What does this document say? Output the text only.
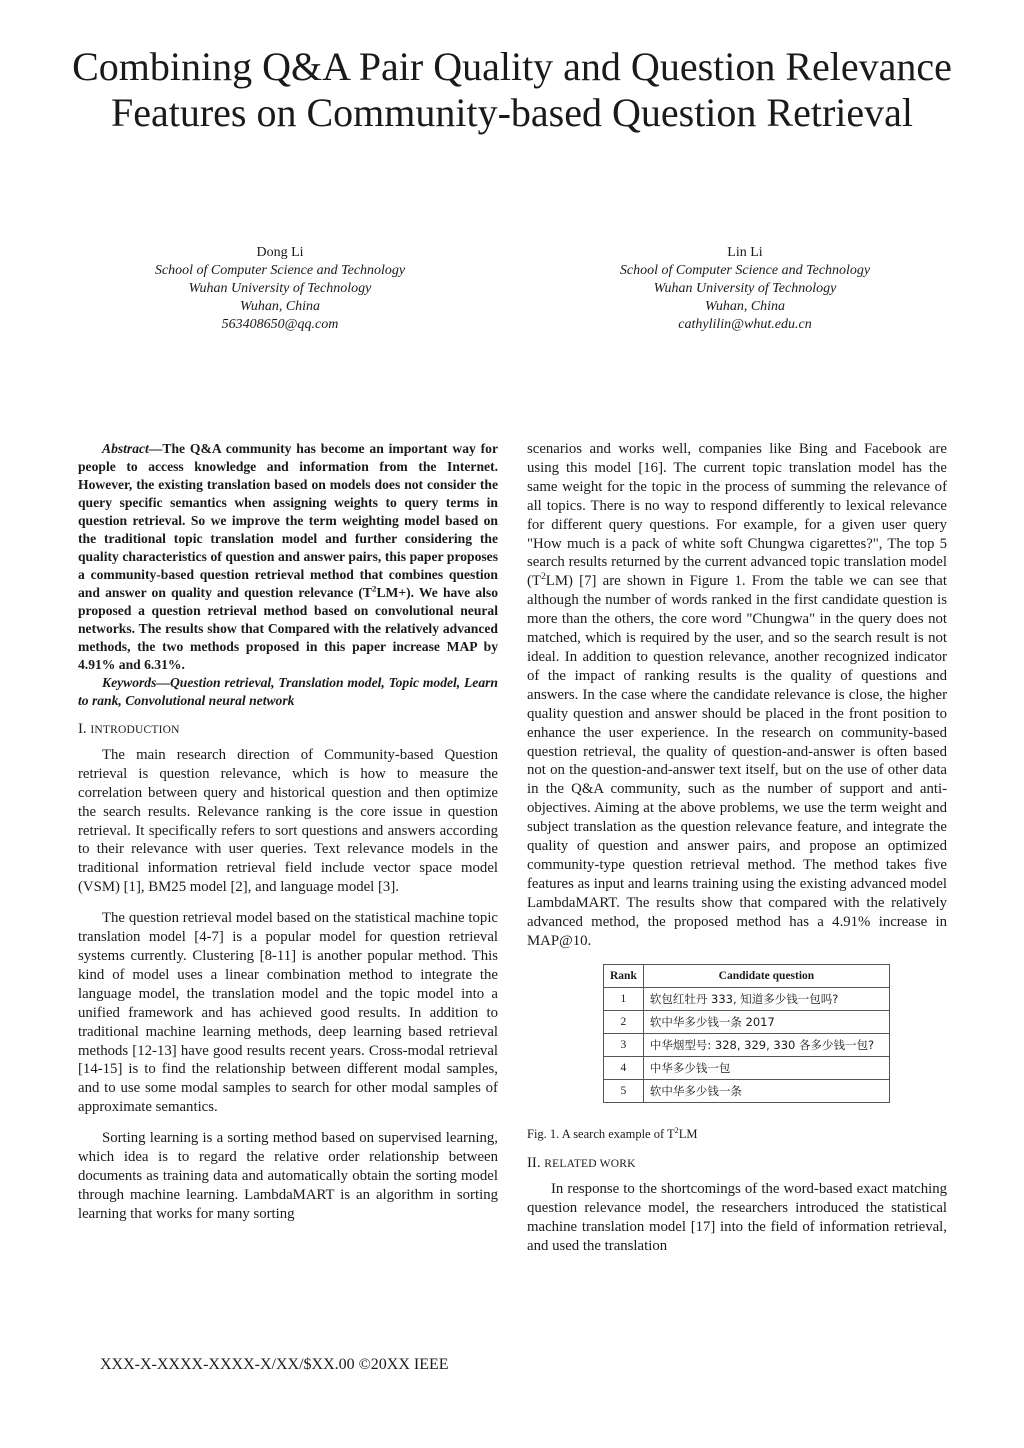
Combining Q&A Pair Quality and Question Relevance Features on Community-based Question Retrieval
Dong Li
School of Computer Science and Technology
Wuhan University of Technology
Wuhan, China
563408650@qq.com
Lin Li
School of Computer Science and Technology
Wuhan University of Technology
Wuhan, China
cathylilin@whut.edu.cn

Abstract—The Q&A community has become an important way for people to access knowledge and information from the Internet. However, the existing translation based on models does not consider the query specific semantics when assigning weights to query terms in question retrieval. So we improve the term weighting model based on the traditional topic translation model and further considering the quality characteristics of question and answer pairs, this paper proposes a community-based question retrieval method that combines question and answer on quality and question relevance $(T^2LM+)$. We have also proposed a question retrieval method based on convolutional neural networks. The results show that Compared with the relatively advanced methods, the two methods proposed in this paper increase MAP by 4.91% and 6.31%.

Keywords—Question retrieval, Translation model, Topic model, Learn to rank, Convolutional neural network

I. INTRODUCTION

The main research direction of Community-based Question retrieval is question relevance, which is how to measure the correlation between query and historical question and then optimize the search results. Relevance ranking is the core issue in question retrieval. It specifically refers to sort questions and answers according to their relevance with user queries. Text relevance models in the traditional information retrieval field include vector space model (VSM) [1], BM25 model [2], and language model [3].

The question retrieval model based on the statistical machine topic translation model [4-7] is a popular model for question retrieval systems currently. Clustering [8-11] is another popular method. This kind of model uses a linear combination method to integrate the language model, the translation model and the topic model into a unified framework and has achieved good results. In addition to traditional machine learning methods, deep learning based retrieval methods [12-13] have good results recent years. Cross-modal retrieval [14-15] is to find the relationship between different modal samples, and to use some modal samples to search for other modal samples of approximate semantics.

Sorting learning is a sorting method based on supervised learning, which idea is to regard the relative order relationship between documents as training data and automatically obtain the sorting model through machine learning. LambdaMART is an algorithm in sorting learning that works for many sorting

scenarios and works well, companies like Bing and Facebook are using this model [16]. The current topic translation model has the same weight for the topic in the process of summing the relevance of all topics. There is no way to respond differently to lexical relevance for different query questions. For example, for a given user query "How much is a pack of white soft Chungwa cigarettes?", The top 5 search results returned by the current advanced topic translation model $(T^2LM)$ [7] are shown in Figure 1. From the table we can see that although the number of words ranked in the first candidate question is more than the others, the core word "Chungwa" in the query does not matched, which is required by the user, and so the search result is not ideal. In addition to question relevance, another recognized indicator of the impact of ranking results is the quality of questions and answers. In the case where the candidate relevance is close, the higher quality question and answer should be placed in the front position to enhance the user experience. In the research on community-based question retrieval, the quality of question-and-answer is often based not on the question-and-answer text itself, but on the use of other data in the Q&A community, such as the number of support and anti-objectives. Aiming at the above problems, we use the term weight and subject translation as the question relevance feature, and integrate the quality of question and answer pairs, and propose an optimized community-type question retrieval method. The method takes five features as input and learns training using the existing advanced model LambdaMART. The results show that compared with the relatively advanced method, the proposed method has a 4.91% increase in MAP@10.

Rank	Candidate question
1	软包红牡丹 333, 知道多少钱一包吗?
2	软中华多少钱一条 2017
3	中华烟型号: 328, 329, 330 各多少钱一包?
4	中华多少钱一包
5	软中华多少钱一条
Fig. 1. A search example of $T^2LM$
II. RELATED WORK

In response to the shortcomings of the word-based exact matching question relevance model, the researchers introduced the statistical machine translation model [17] into the field of information retrieval, and used the translation

XXX-X-XXXX-XXXX-X/XX/$XX.00 ©20XX IEEE
